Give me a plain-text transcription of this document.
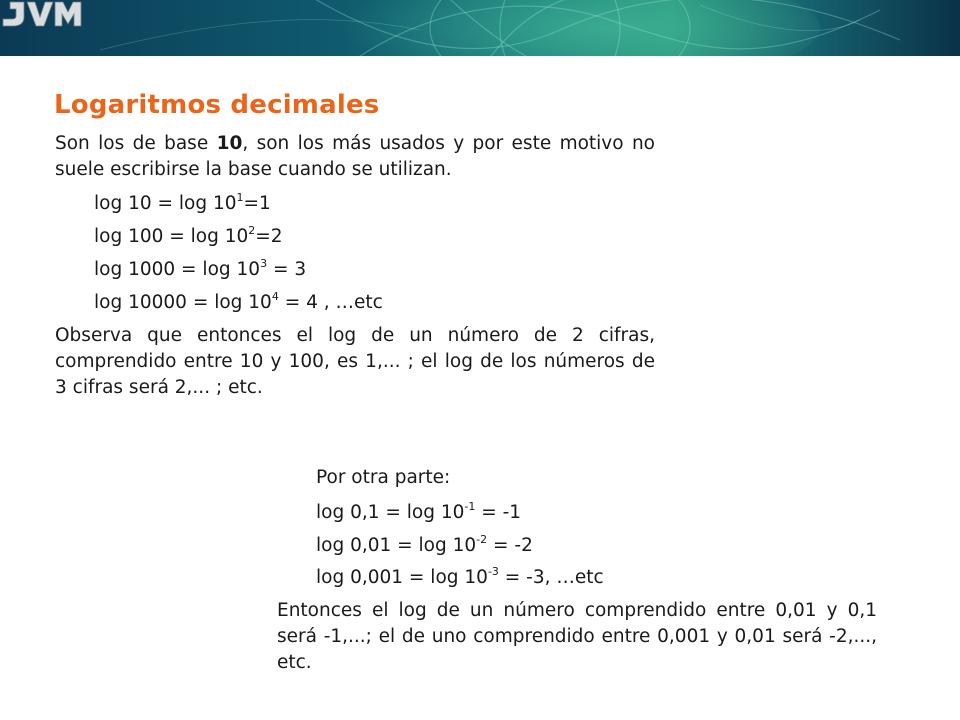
Logaritmos decimales

Son los de base 10, son los más usados y por este motivo no suele escribirse la base cuando se utilizan.

$\log 10 = \log 10^1=1$

$\log 100 = \log 10^2=2$

$\log 1000 = \log 10^3 = 3$

$\log 10000 = \log 10^4 = 4$ , …etc

Observa que entonces el log de un número de 2 cifras, comprendido entre 10 y 100, es 1,... ; el log de los números de 3 cifras será 2,... ; etc.

Por otra parte:

$\log 0,1 = \log 10^{-1} = -1$

$\log 0,01 = \log 10^{-2} = -2$

$\log 0,001 = \log 10^{-3} = -3$, …etc

Entonces el log de un número comprendido entre 0,01 y 0,1 será -1,...; el de uno comprendido entre 0,001 y 0,01 será -2,..., etc.
